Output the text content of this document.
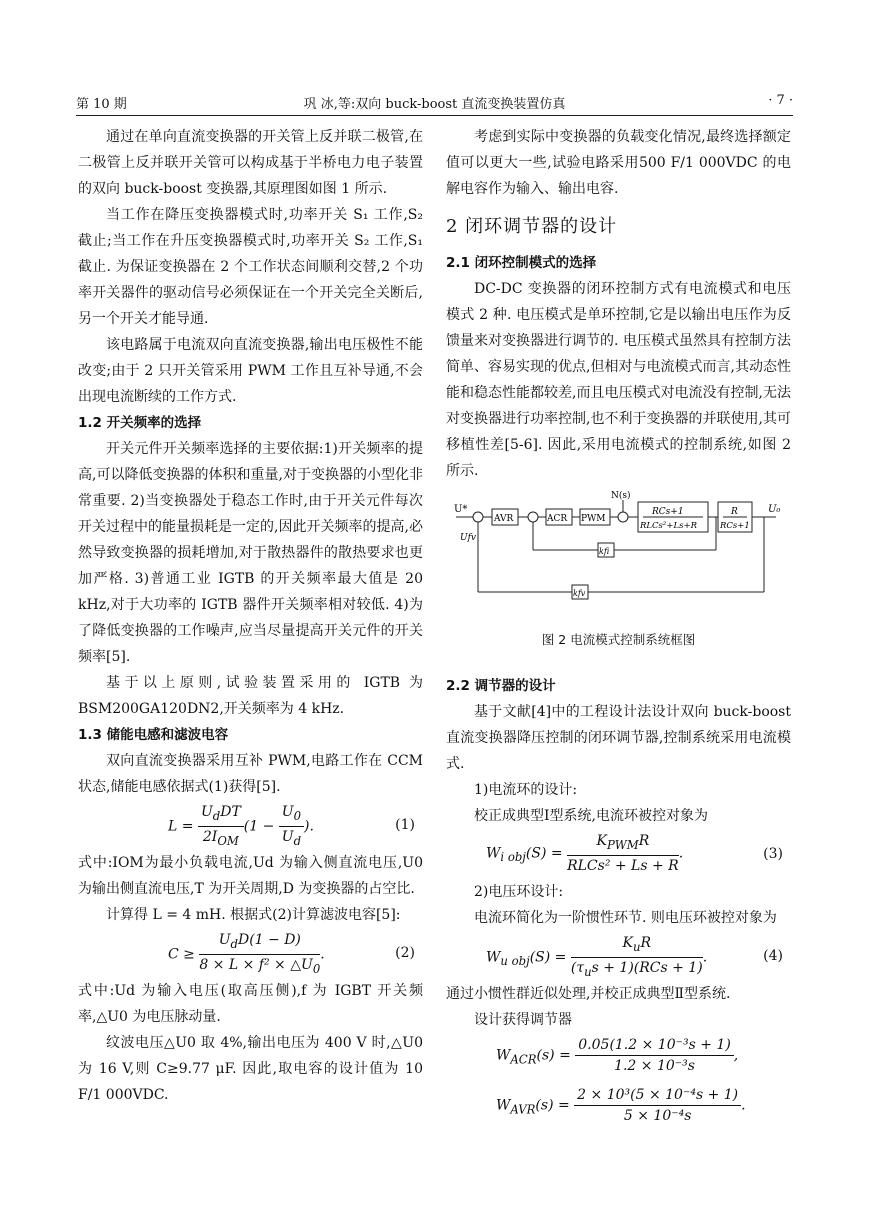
第 10 期	巩 冰,等:双向 buck-boost 直流变换装置仿真	· 7 ·

通过在单向直流变换器的开关管上反并联二极管,在二极管上反并联开关管可以构成基于半桥电力电子装置的双向 buck-boost 变换器,其原理图如图 1 所示.

当工作在降压变换器模式时,功率开关 S₁ 工作,S₂ 截止;当工作在升压变换器模式时,功率开关 S₂ 工作,S₁ 截止. 为保证变换器在 2 个工作状态间顺利交替,2 个功率开关器件的驱动信号必须保证在一个开关完全关断后,另一个开关才能导通.

该电路属于电流双向直流变换器,输出电压极性不能改变;由于 2 只开关管采用 PWM 工作且互补导通,不会出现电流断续的工作方式.

1.2 开关频率的选择

开关元件开关频率选择的主要依据:1)开关频率的提高,可以降低变换器的体积和重量,对于变换器的小型化非常重要. 2)当变换器处于稳态工作时,由于开关元件每次开关过程中的能量损耗是一定的,因此开关频率的提高,必然导致变换器的损耗增加,对于散热器件的散热要求也更加严格. 3)普通工业 IGTB 的开关频率最大值是 20 kHz,对于大功率的 IGTB 器件开关频率相对较低. 4)为了降低变换器的工作噪声,应当尽量提高开关元件的开关频率[5].

基于以上原则,试验装置采用的 IGTB 为 BSM200GA120DN2,开关频率为 4 kHz.

1.3 储能电感和滤波电容

双向直流变换器采用互补 PWM,电路工作在 CCM 状态,储能电感依据式(1)获得[5].

$L = \frac{U_dDT}{2I_{OM}} (1 - \frac{U_0}{U_d}$ ).	(1)

式中:IOM为最小负载电流,Ud 为输入侧直流电压,U0 为输出侧直流电压,T 为开关周期,D 为变换器的占空比.

计算得 L = 4 mH. 根据式(2)计算滤波电容[5]:

$C \ge \frac{U_dD(1 - D)}{8 \times L \times f^2 \times \triangle U_0}$ .	(2)

式中:Ud 为输入电压(取高压侧),f 为 IGBT 开关频率,△U0 为电压脉动量.

纹波电压△U0 取 4%,输出电压为 400 V 时,△U0 为 16 V,则 C≥9.77 μF. 因此,取电容的设计值为 10 F/1 000VDC.

考虑到实际中变换器的负载变化情况,最终选择额定值可以更大一些,试验电路采用500 F/1 000VDC 的电解电容作为输入、输出电容.

2 闭环调节器的设计
2.1 闭环控制模式的选择

DC-DC 变换器的闭环控制方式有电流模式和电压模式 2 种. 电压模式是单环控制,它是以输出电压作为反馈量来对变换器进行调节的. 电压模式虽然具有控制方法简单、容易实现的优点,但相对与电流模式而言,其动态性能和稳态性能都较差,而且电压模式对电流没有控制,无法对变换器进行功率控制,也不利于变换器的并联使用,其可移植性差[5-6]. 因此,采用电流模式的控制系统,如图 2 所示.

U*
AVR	ACR PWM
N(s)
RCs+1
RLCs²+Ls+R
R
RCs+1
U₀
Ufv
kfi
kfv
图 2 电流模式控制系统框图
2.2 调节器的设计

基于文献[4]中的工程设计法设计双向 buck-boost 直流变换器降压控制的闭环调节器,控制系统采用电流模式.

1)电流环的设计:

校正成典型Ⅰ型系统,电流环被控对象为

$W_{i obj}(S) = \frac{K_{PWM}R}{\text{RLCs² + Ls + R}}$ .	(3)

2)电压环设计:

电流环简化为一阶惯性环节. 则电压环被控对象为

$W_{u obj}(S) = \frac{K_uR}{(\tau_us + 1)(RCs + 1)}$ .	(4)

通过小惯性群近似处理,并校正成典型Ⅱ型系统.

设计获得调节器

$W_{ACR}(s) = \frac{\text{0.05(1.2 × 10⁻³s + 1)}}{\text{1.2 × 10⁻³s}}$ ,
$W_{AVR}(s) = \frac{\text{2 × 10³(5 × 10⁻⁴s + 1)}}{\text{5 × 10⁻⁴s}}$ .
